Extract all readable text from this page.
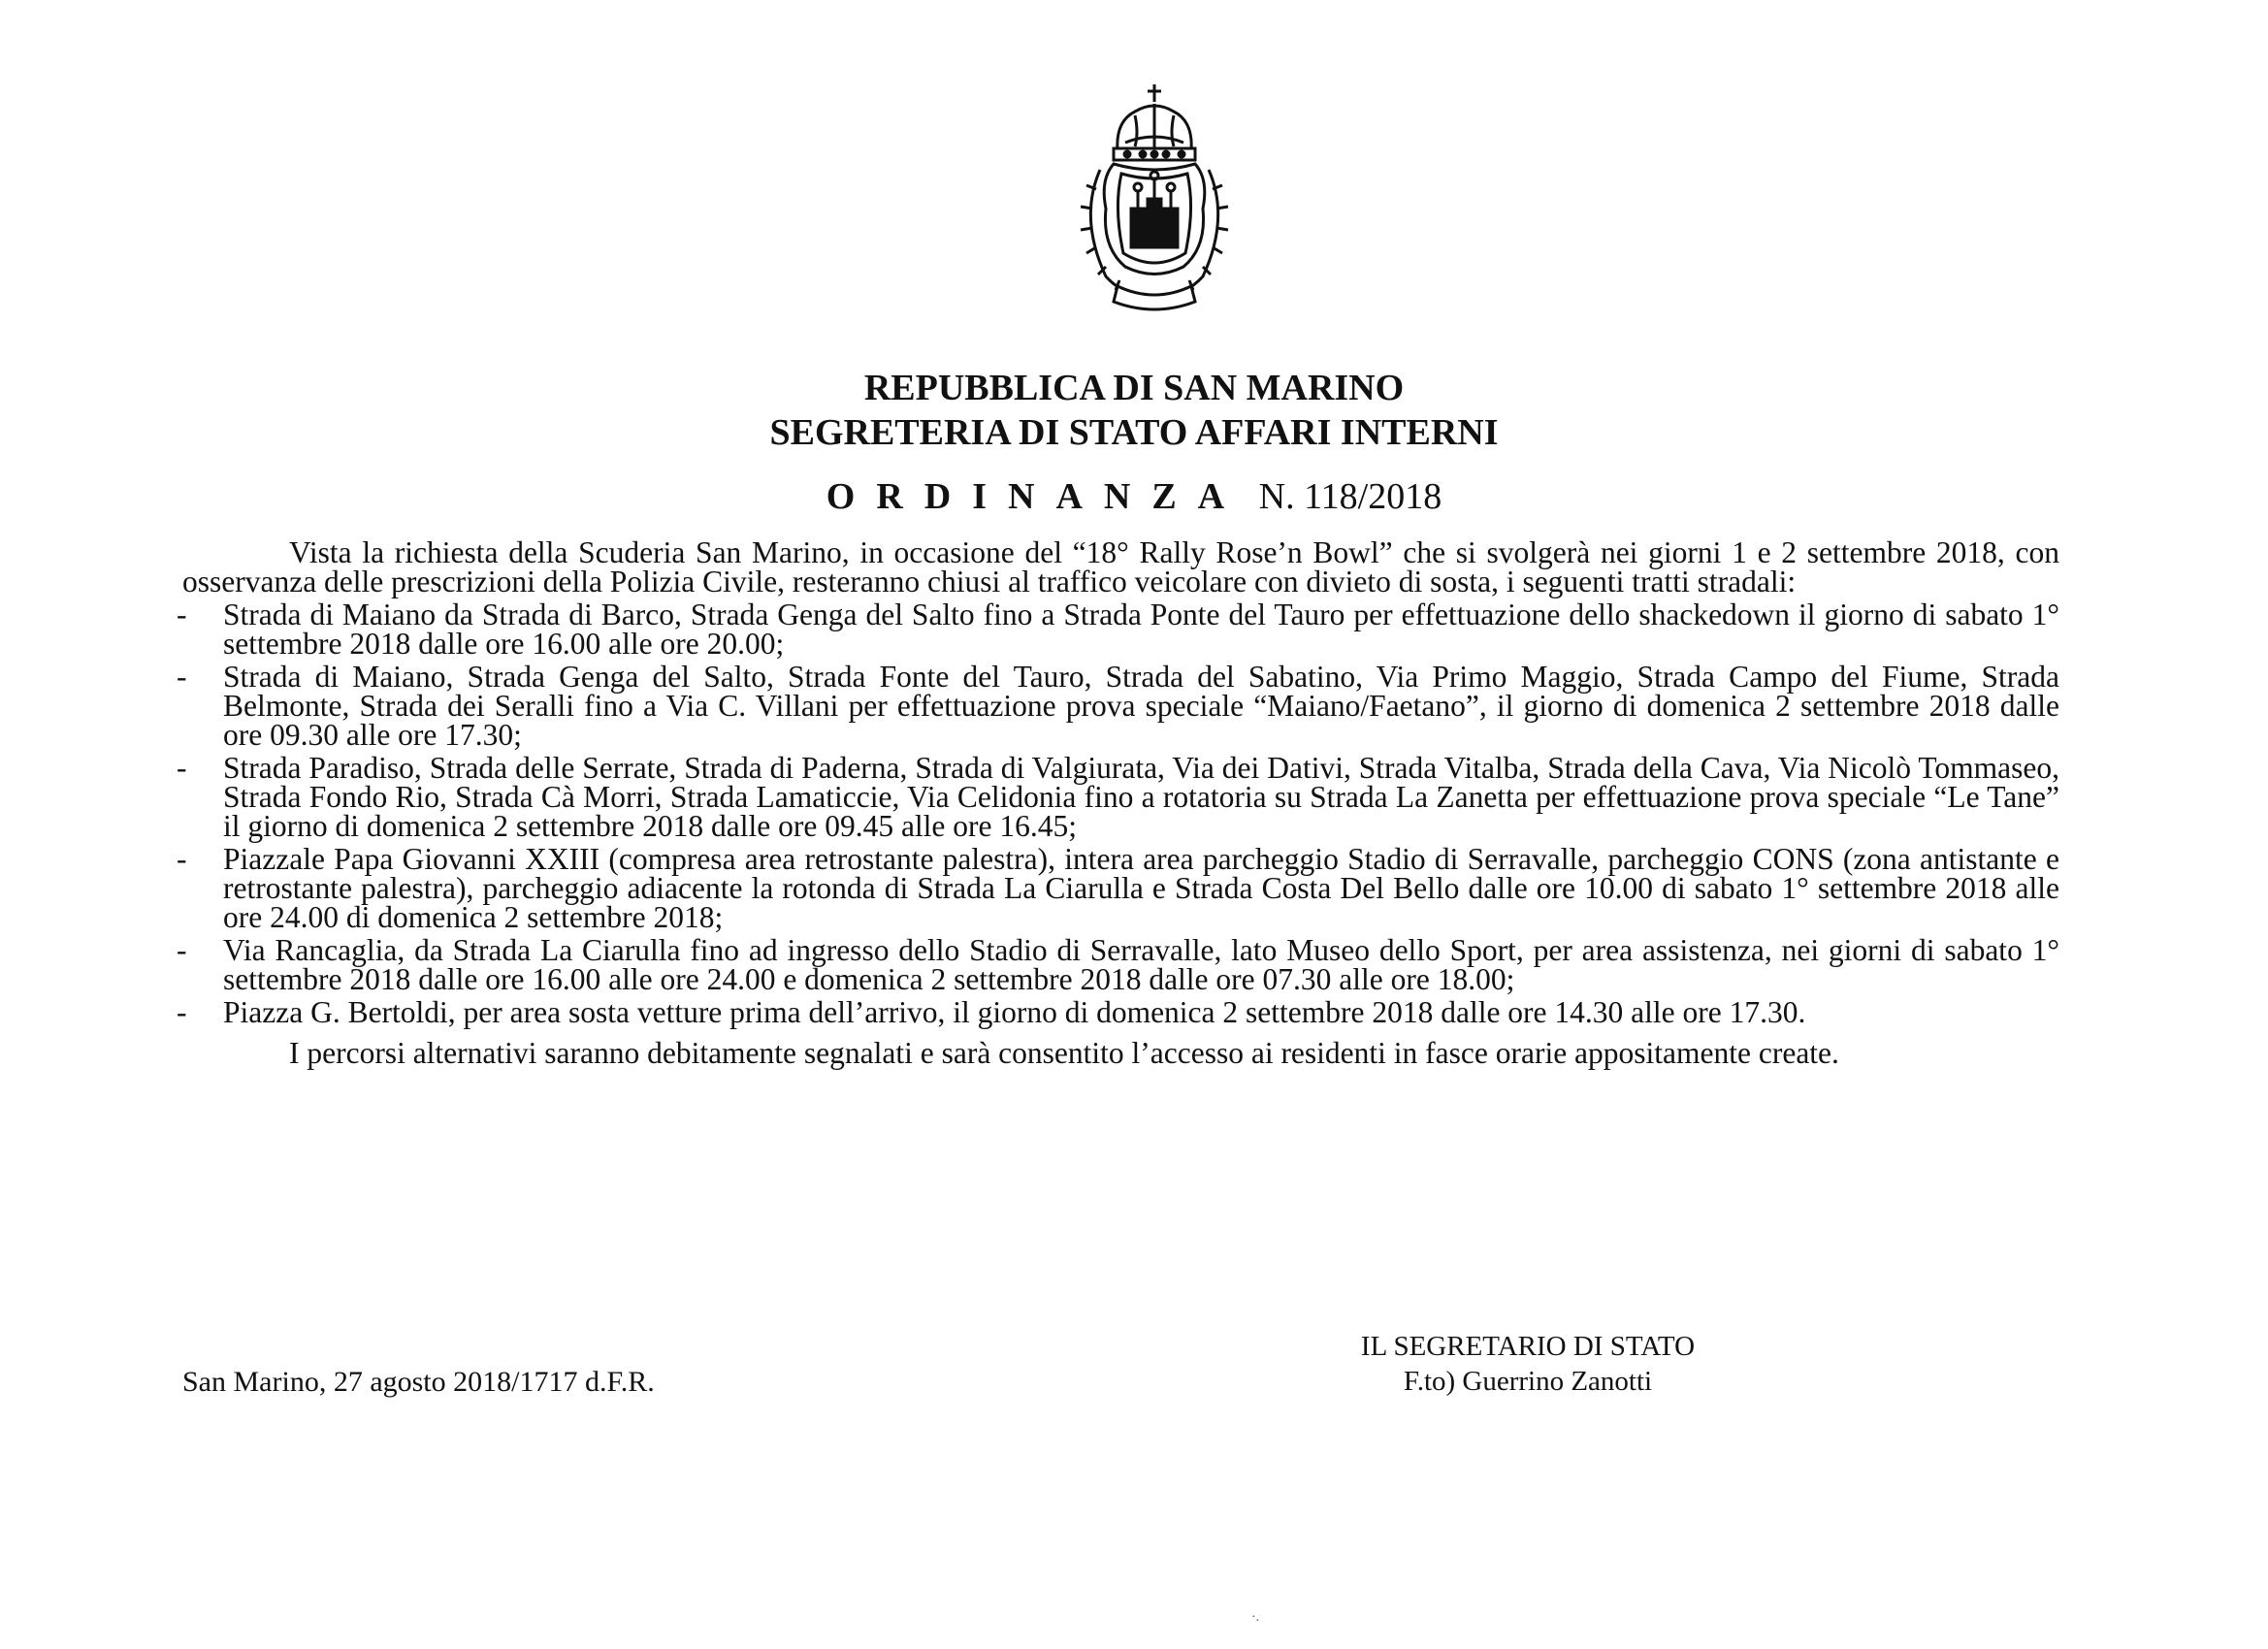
REPUBBLICA DI SAN MARINO
SEGRETERIA DI STATO AFFARI INTERNI
ORDINANZA N. 118/2018

Vista la richiesta della Scuderia San Marino, in occasione del “18° Rally Rose’n Bowl” che si svolgerà nei giorni 1 e 2 settembre 2018, con osservanza delle prescrizioni della Polizia Civile, resteranno chiusi al traffico veicolare con divieto di sosta, i seguenti tratti stradali:

- Strada di Maiano da Strada di Barco, Strada Genga del Salto fino a Strada Ponte del Tauro per effettuazione dello shackedown il giorno di sabato 1° settembre 2018 dalle ore 16.00 alle ore 20.00;
- Strada di Maiano, Strada Genga del Salto, Strada Fonte del Tauro, Strada del Sabatino, Via Primo Maggio, Strada Campo del Fiume, Strada Belmonte, Strada dei Seralli fino a Via C. Villani per effettuazione prova speciale “Maiano/Faetano”, il giorno di domenica 2 settembre 2018 dalle ore 09.30 alle ore 17.30;
- Strada Paradiso, Strada delle Serrate, Strada di Paderna, Strada di Valgiurata, Via dei Dativi, Strada Vitalba, Strada della Cava, Via Nicolò Tommaseo, Strada Fondo Rio, Strada Cà Morri, Strada Lamaticcie, Via Celidonia fino a rotatoria su Strada La Zanetta per effettuazione prova speciale “Le Tane” il giorno di domenica 2 settembre 2018 dalle ore 09.45 alle ore 16.45;
- Piazzale Papa Giovanni XXIII (compresa area retrostante palestra), intera area parcheggio Stadio di Serravalle, parcheggio CONS (zona antistante e retrostante palestra), parcheggio adiacente la rotonda di Strada La Ciarulla e Strada Costa Del Bello dalle ore 10.00 di sabato 1° settembre 2018 alle ore 24.00 di domenica 2 settembre 2018;
- Via Rancaglia, da Strada La Ciarulla fino ad ingresso dello Stadio di Serravalle, lato Museo dello Sport, per area assistenza, nei giorni di sabato 1° settembre 2018 dalle ore 16.00 alle ore 24.00 e domenica 2 settembre 2018 dalle ore 07.30 alle ore 18.00;
- Piazza G. Bertoldi, per area sosta vetture prima dell’arrivo, il giorno di domenica 2 settembre 2018 dalle ore 14.30 alle ore 17.30.

I percorsi alternativi saranno debitamente segnalati e sarà consentito l’accesso ai residenti in fasce orarie appositamente create.

IL SEGRETARIO DI STATO
F.to) Guerrino Zanotti
San Marino, 27 agosto 2018/1717 d.F.R.
·.
